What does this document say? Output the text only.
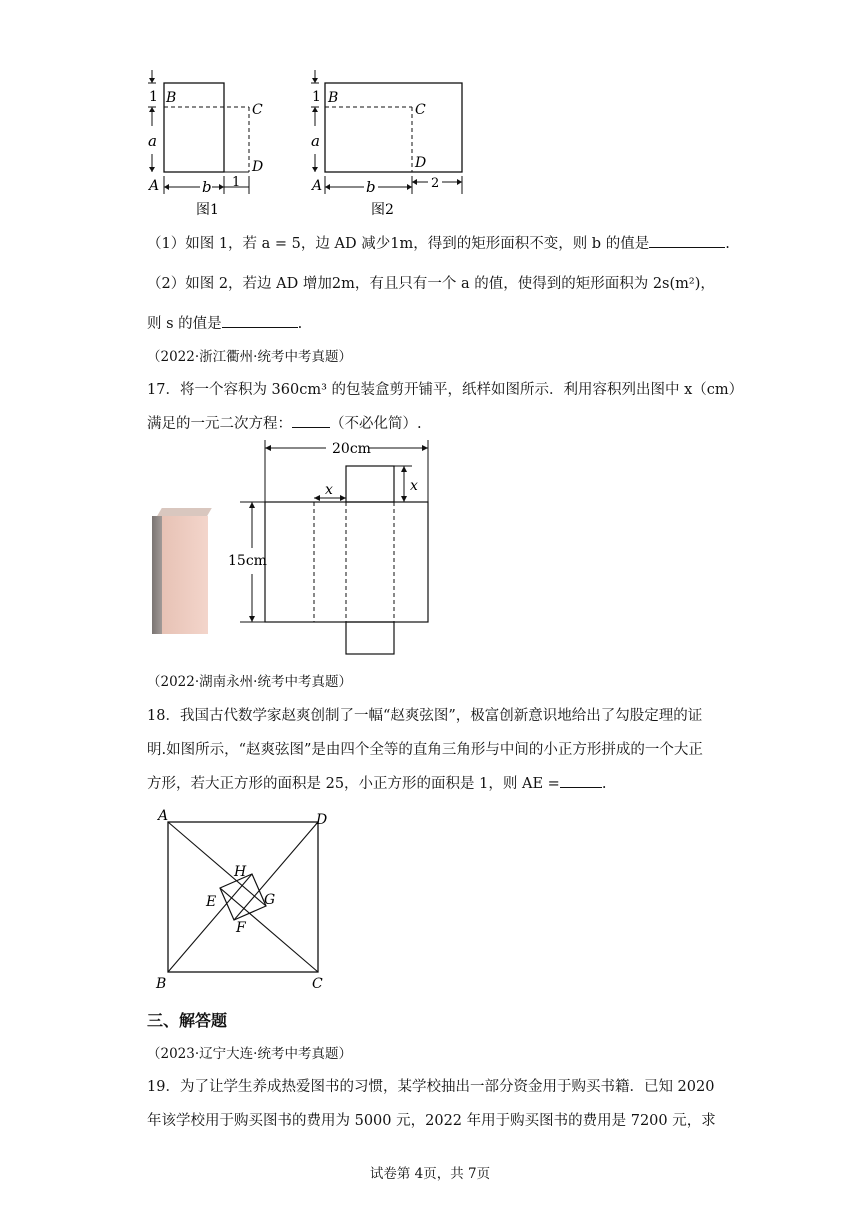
1 B
C
a
D
A	b 1
图1
1 B
C
a
D
A	b	2
图2
（1）如图 1，若 a = 5，边 AD 减少1m，得到的矩形面积不变，则 b 的值是	.
（2）如图 2，若边 AD 增加2m，有且只有一个 a 的值，使得到的矩形面积为 2s(m²)，
则 s 的值是	.
（2022·浙江衢州·统考中考真题）
17．将一个容积为 360cm³ 的包装盒剪开铺平，纸样如图所示．利用容积列出图中 x（cm）
满足的一元二次方程：	（不必化简）.
20cm
x
x
15cm
（2022·湖南永州·统考中考真题）
18．我国古代数学家赵爽创制了一幅“赵爽弦图”，极富创新意识地给出了勾股定理的证
明.如图所示，“赵爽弦图”是由四个全等的直角三角形与中间的小正方形拼成的一个大正
方形，若大正方形的面积是 25，小正方形的面积是 1，则 AE =	.
A	D
B	C
H
E	G
F
三、解答题
（2023·辽宁大连·统考中考真题）
19．为了让学生养成热爱图书的习惯，某学校抽出一部分资金用于购买书籍．已知 2020
年该学校用于购买图书的费用为 5000 元，2022 年用于购买图书的费用是 7200 元，求
试卷第 4页，共 7页
